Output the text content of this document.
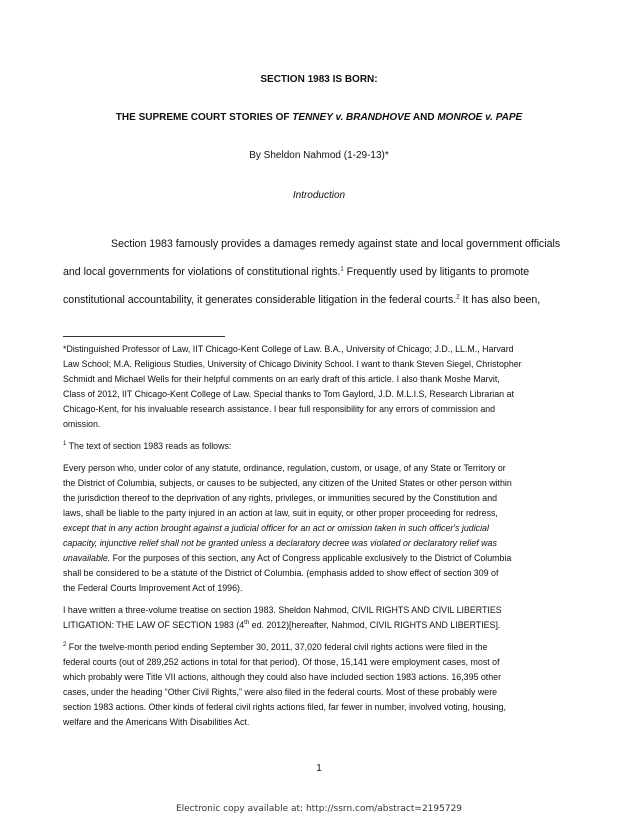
SECTION 1983 IS BORN:
THE SUPREME COURT STORIES OF TENNEY v. BRANDHOVE AND MONROE v. PAPE
By Sheldon Nahmod (1-29-13)*
Introduction

Section 1983 famously provides a damages remedy against state and local government officials

and local governments for violations of constitutional rights.$^1$ Frequently used by litigants to promote
constitutional accountability, it generates considerable litigation in the federal courts.$^2$ It has also been,

*Distinguished Professor of Law, IIT Chicago-Kent College of Law. B.A., University of Chicago; J.D., LL.M., Harvard
Law School; M.A. Religious Studies, University of Chicago Divinity School. I want to thank Steven Siegel, Christopher
Schmidt and Michael Wells for their helpful comments on an early draft of this article. I also thank Moshe Marvit,
Class of 2012, IIT Chicago-Kent College of Law. Special thanks to Tom Gaylord, J.D. M.L.I.S, Research Librarian at
Chicago-Kent, for his invaluable research assistance. I bear full responsibility for any errors of commission and
omission.

$^1$ The text of section 1983 reads as follows:

Every person who, under color of any statute, ordinance, regulation, custom, or usage, of any State or Territory or
the District of Columbia, subjects, or causes to be subjected, any citizen of the United States or other person within
the jurisdiction thereof to the deprivation of any rights, privileges, or immunities secured by the Constitution and
laws, shall be liable to the party injured in an action at law, suit in equity, or other proper proceeding for redress,
except that in any action brought against a judicial officer for an act or omission taken in such officer's judicial
capacity, injunctive relief shall not be granted unless a declaratory decree was violated or declaratory relief was
unavailable. For the purposes of this section, any Act of Congress applicable exclusively to the District of Columbia
shall be considered to be a statute of the District of Columbia. (emphasis added to show effect of section 309 of
the Federal Courts Improvement Act of 1996).

I have written a three-volume treatise on section 1983. Sheldon Nahmod, CIVIL RIGHTS AND CIVIL LIBERTIES
LITIGATION: THE LAW OF SECTION 1983 (4th ed. 2012)[hereafter, Nahmod, CIVIL RIGHTS AND LIBERTIES].

$^2$ For the twelve-month period ending September 30, 2011, 37,020 federal civil rights actions were filed in the
federal courts (out of 289,252 actions in total for that period). Of those, 15,141 were employment cases, most of
which probably were Title VII actions, although they could also have included section 1983 actions. 16,395 other
cases, under the heading “Other Civil Rights,” were also filed in the federal courts. Most of these probably were
section 1983 actions. Other kinds of federal civil rights actions filed, far fewer in number, involved voting, housing,
welfare and the Americans With Disabilities Act.

1
Electronic copy available at: http://ssrn.com/abstract=2195729
